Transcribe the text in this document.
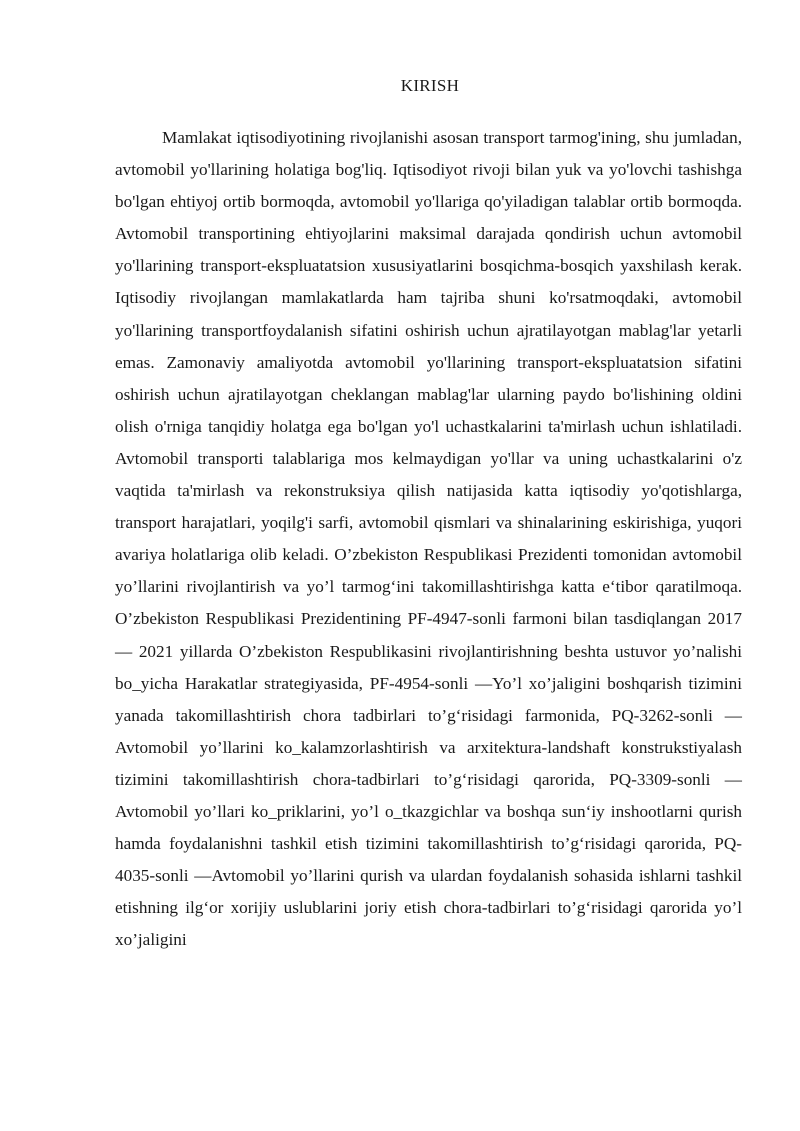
KIRISH

Mamlakat iqtisodiyotining rivojlanishi asosan transport tarmog'ining, shu jumladan, avtomobil yo'llarining holatiga bog'liq. Iqtisodiyot rivoji bilan yuk va yo'lovchi tashishga bo'lgan ehtiyoj ortib bormoqda, avtomobil yo'llariga qo'yiladigan talablar ortib bormoqda. Avtomobil transportining ehtiyojlarini maksimal darajada qondirish uchun avtomobil yo'llarining transport-ekspluatatsion xususiyatlarini bosqichma-bosqich yaxshilash kerak. Iqtisodiy rivojlangan mamlakatlarda ham tajriba shuni ko'rsatmoqdaki, avtomobil yo'llarining transportfoydalanish sifatini oshirish uchun ajratilayotgan mablag'lar yetarli emas. Zamonaviy amaliyotda avtomobil yo'llarining transport-ekspluatatsion sifatini oshirish uchun ajratilayotgan cheklangan mablag'lar ularning paydo bo'lishining oldini olish o'rniga tanqidiy holatga ega bo'lgan yo'l uchastkalarini ta'mirlash uchun ishlatiladi. Avtomobil transporti talablariga mos kelmaydigan yo'llar va uning uchastkalarini o'z vaqtida ta'mirlash va rekonstruksiya qilish natijasida katta iqtisodiy yo'qotishlarga, transport harajatlari, yoqilg'i sarfi, avtomobil qismlari va shinalarining eskirishiga, yuqori avariya holatlariga olib keladi. O’zbekiston Respublikasi Prezidenti tomonidan avtomobil yo’llarini rivojlantirish va yo’l tarmog‘ini takomillashtirishga katta e‘tibor qaratilmoqa. O’zbekiston Respublikasi Prezidentining PF-4947-sonli farmoni bilan tasdiqlangan 2017 — 2021 yillarda O’zbekiston Respublikasini rivojlantirishning beshta ustuvor yo’nalishi bo_yicha Harakatlar strategiyasida, PF-4954-sonli —Yo’l xo’jaligini boshqarish tizimini yanada takomillashtirish chora tadbirlari to’g‘risidagi farmonida, PQ-3262-sonli —Avtomobil yo’llarini ko_kalamzorlashtirish va arxitektura-landshaft konstrukstiyalash tizimini takomillashtirish chora-tadbirlari to’g‘risidagi qarorida, PQ-3309-sonli —Avtomobil yo’llari ko_priklarini, yo’l o_tkazgichlar va boshqa sun‘iy inshootlarni qurish hamda foydalanishni tashkil etish tizimini takomillashtirish to’g‘risidagi qarorida, PQ-4035-sonli —Avtomobil yo’llarini qurish va ulardan foydalanish sohasida ishlarni tashkil etishning ilg‘or xorijiy uslublarini joriy etish chora-tadbirlari to’g‘risidagi qarorida yo’l xo’jaligini
